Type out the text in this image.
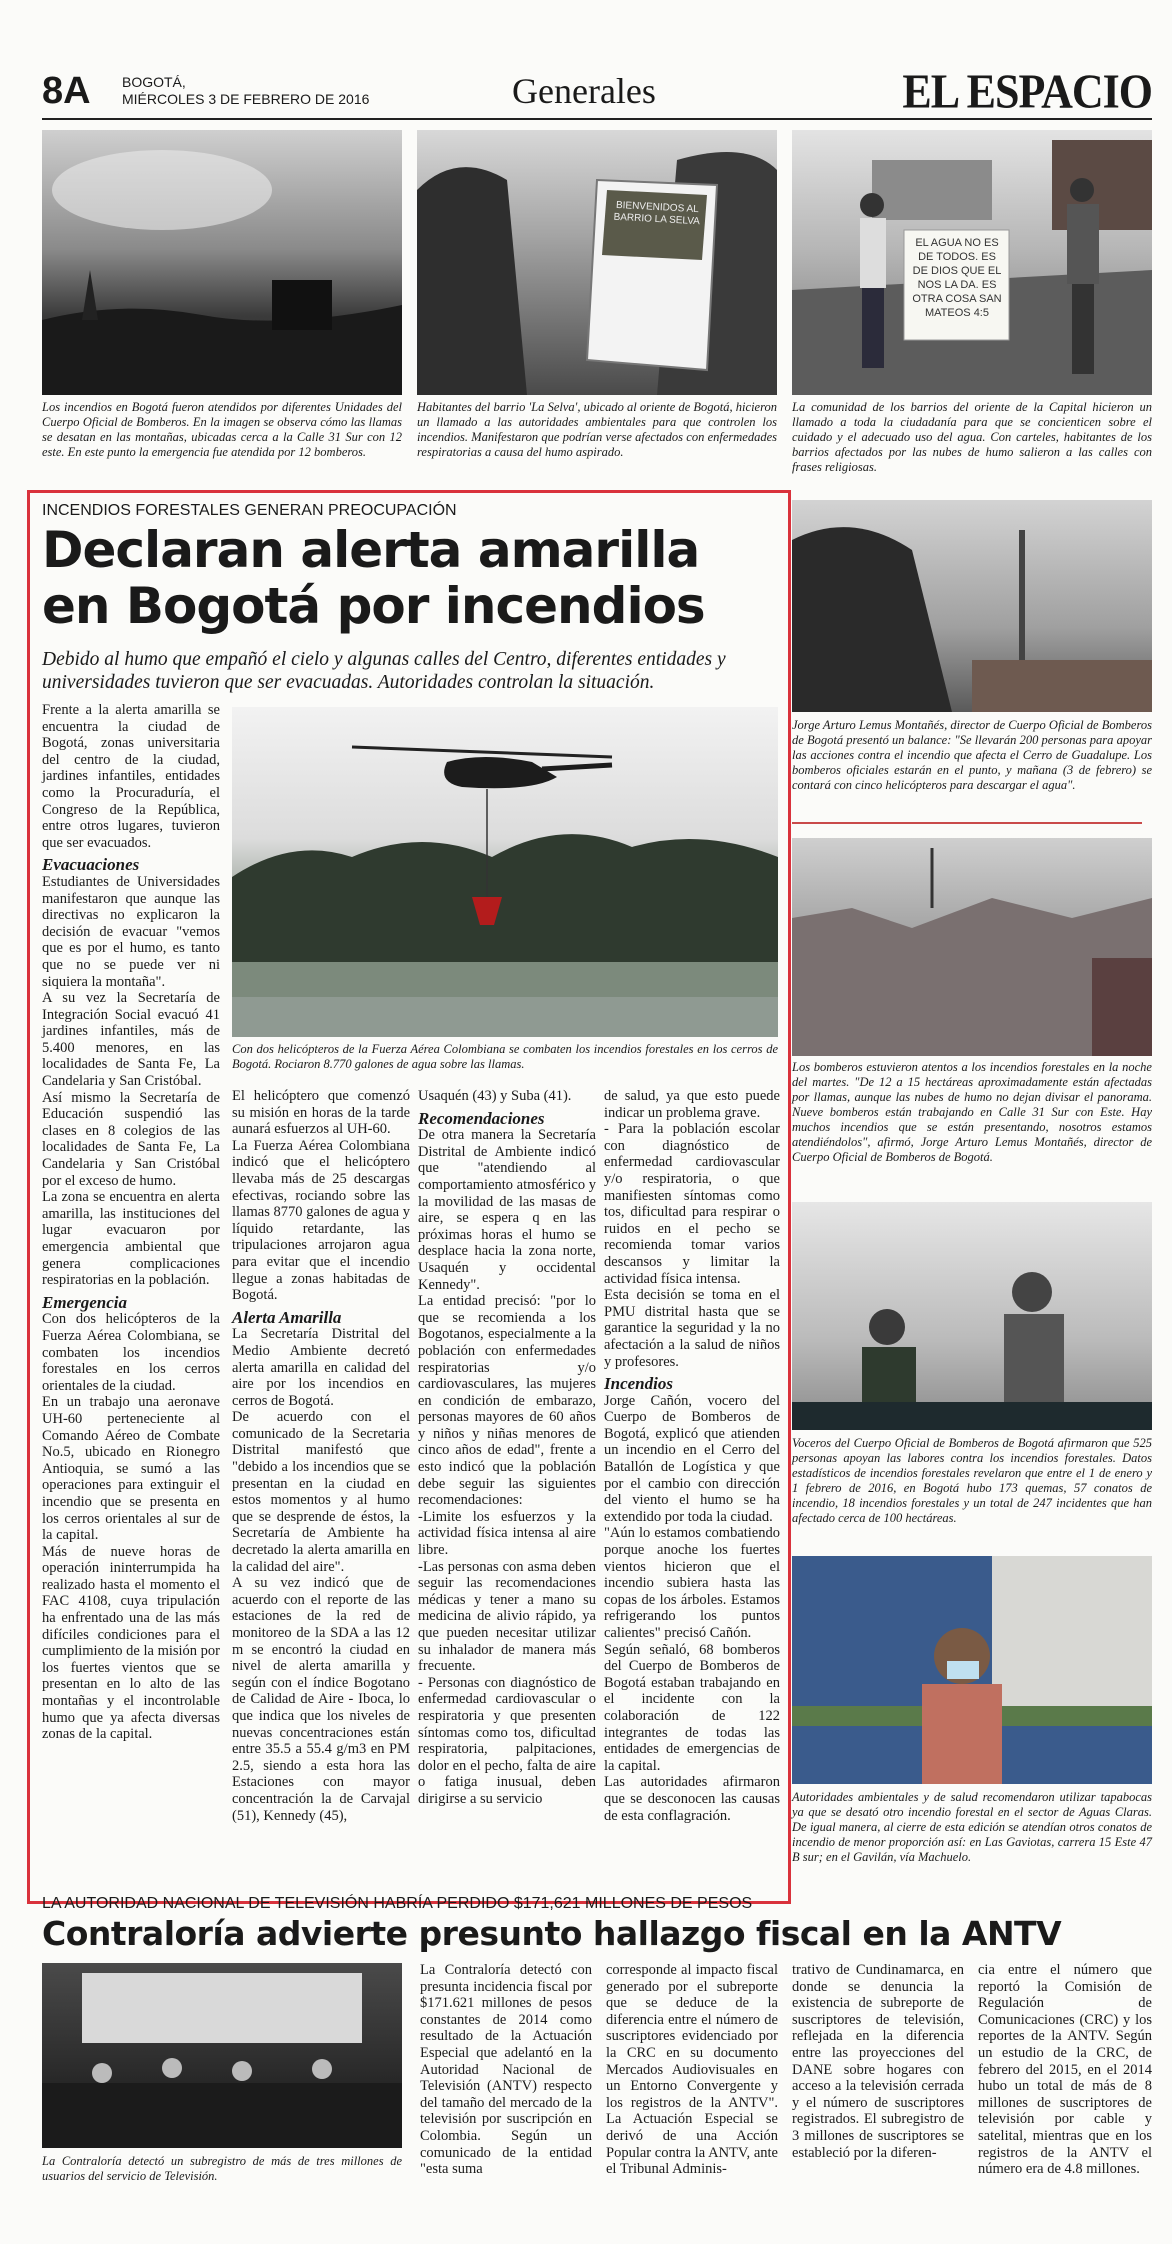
8A BOGOTÁ,
MIÉRCOLES 3 DE FEBRERO DE 2016	Generales	EL ESPACIO
Los incendios en Bogotá fueron atendidos por diferentes Unidades del Cuerpo Oficial de Bomberos. En la imagen se observa cómo las llamas se desatan en las montañas, ubicadas cerca a la Calle 31 Sur con 12 este. En este punto la emergencia fue atendida por 12 bomberos.
BIENVENIDOS AL BARRIO LA SELVA
Habitantes del barrio 'La Selva', ubicado al oriente de Bogotá, hicieron un llamado a las autoridades ambientales para que controlen los incendios. Manifestaron que podrían verse afectados con enfermedades respiratorias a causa del humo aspirado.
EL AGUA NO ES DE TODOS. ES DE DIOS QUE EL NOS LA DA. ES OTRA COSA SAN MATEOS 4:5
La comunidad de los barrios del oriente de la Capital hicieron un llamado a toda la ciudadanía para que se concienticen sobre el cuidado y el adecuado uso del agua. Con carteles, habitantes de los barrios afectados por las nubes de humo salieron a las calles con frases religiosas.
INCENDIOS FORESTALES GENERAN PREOCUPACIÓN
Declaran alerta amarilla
en Bogotá por incendios
Debido al humo que empañó el cielo y algunas calles del Centro, diferentes entidades y universidades tuvieron que ser evacuadas. Autoridades controlan la situación.
Con dos helicópteros de la Fuerza Aérea Colombiana se combaten los incendios forestales en los cerros de Bogotá. Rociaron 8.770 galones de agua sobre las llamas.

Frente a la alerta amarilla se encuentra la ciudad de Bogotá, zonas universitaria del centro de la ciudad, jardines infantiles, entidades como la Procuraduría, el Congreso de la República, entre otros lugares, tuvieron que ser evacuados.

Evacuaciones

Estudiantes de Universidades manifestaron que aunque las directivas no explicaron la decisión de evacuar "vemos que es por el humo, es tanto que no se puede ver ni siquiera la montaña".

A su vez la Secretaría de Integración Social evacuó 41 jardines infantiles, más de 5.400 menores, en las localidades de Santa Fe, La Candelaria y San Cristóbal.

Así mismo la Secretaría de Educación suspendió las clases en 8 colegios de las localidades de Santa Fe, La Candelaria y San Cristóbal por el exceso de humo.

La zona se encuentra en alerta amarilla, las instituciones del lugar evacuaron por emergencia ambiental que genera complicaciones respiratorias en la población.

Emergencia

Con dos helicópteros de la Fuerza Aérea Colombiana, se combaten los incendios forestales en los cerros orientales de la ciudad.

En un trabajo una aeronave UH-60 perteneciente al Comando Aéreo de Combate No.5, ubicado en Rionegro Antioquia, se sumó a las operaciones para extinguir el incendio que se presenta en los cerros orientales al sur de la capital.

Más de nueve horas de operación ininterrumpida ha realizado hasta el momento el FAC 4108, cuya tripulación ha enfrentado una de las más difíciles condiciones para el cumplimiento de la misión por los fuertes vientos que se presentan en lo alto de las montañas y el incontrolable humo que ya afecta diversas zonas de la capital.

El helicóptero que comenzó su misión en horas de la tarde aunará esfuerzos al UH-60.

La Fuerza Aérea Colombiana indicó que el helicóptero llevaba más de 25 descargas efectivas, rociando sobre las llamas 8770 galones de agua y líquido retardante, las tripulaciones arrojaron agua para evitar que el incendio llegue a zonas habitadas de Bogotá.

Alerta Amarilla

La Secretaría Distrital del Medio Ambiente decretó alerta amarilla en calidad del aire por los incendios en cerros de Bogotá.

De acuerdo con el comunicado de la Secretaria Distrital manifestó que "debido a los incendios que se presentan en la ciudad en estos momentos y al humo que se desprende de éstos, la Secretaría de Ambiente ha decretado la alerta amarilla en la calidad del aire".

A su vez indicó que de acuerdo con el reporte de las estaciones de la red de monitoreo de la SDA a las 12 m se encontró la ciudad en nivel de alerta amarilla y según con el índice Bogotano de Calidad de Aire - Iboca, lo que indica que los niveles de nuevas concentraciones están entre 35.5 a 55.4 g/m3 en PM 2.5, siendo a esta hora las Estaciones con mayor concentración la de Carvajal (51), Kennedy (45),

Usaquén (43) y Suba (41).

Recomendaciones

De otra manera la Secretaría Distrital de Ambiente indicó que "atendiendo al comportamiento atmosférico y la movilidad de las masas de aire, se espera q en las próximas horas el humo se desplace hacia la zona norte, Usaquén y occidental Kennedy".

La entidad precisó: "por lo que se recomienda a los Bogotanos, especialmente a la población con enfermedades respiratorias y/o cardiovasculares, las mujeres en condición de embarazo, personas mayores de 60 años y niños y niñas menores de cinco años de edad", frente a esto indicó que la población debe seguir las siguientes recomendaciones:

-Limite los esfuerzos y la actividad física intensa al aire libre.

-Las personas con asma deben seguir las recomendaciones médicas y tener a mano su medicina de alivio rápido, ya que pueden necesitar utilizar su inhalador de manera más frecuente.

- Personas con diagnóstico de enfermedad cardiovascular o respiratoria y que presenten síntomas como tos, dificultad respiratoria, palpitaciones, dolor en el pecho, falta de aire o fatiga inusual, deben dirigirse a su servicio

de salud, ya que esto puede indicar un problema grave.

- Para la población escolar con diagnóstico de enfermedad cardiovascular y/o respiratoria, o que manifiesten síntomas como tos, dificultad para respirar o ruidos en el pecho se recomienda tomar varios descansos y limitar la actividad física intensa.

Esta decisión se toma en el PMU distrital hasta que se garantice la seguridad y la no afectación a la salud de niños y profesores.

Incendios

Jorge Cañón, vocero del Cuerpo de Bomberos de Bogotá, explicó que atienden un incendio en el Cerro del Batallón de Logística y que por el cambio con dirección del viento el humo se ha extendido por toda la ciudad.

"Aún lo estamos combatiendo porque anoche los fuertes vientos hicieron que el incendio subiera hasta las copas de los árboles. Estamos refrigerando los puntos calientes" precisó Cañón.

Según señaló, 68 bomberos del Cuerpo de Bomberos de Bogotá estaban trabajando en el incidente con la colaboración de 122 integrantes de todas las entidades de emergencias de la capital.

Las autoridades afirmaron que se desconocen las causas de esta conflagración.

Jorge Arturo Lemus Montañés, director de Cuerpo Oficial de Bomberos de Bogotá presentó un balance: "Se llevarán 200 personas para apoyar las acciones contra el incendio que afecta el Cerro de Guadalupe. Los bomberos oficiales estarán en el punto, y mañana (3 de febrero) se contará con cinco helicópteros para descargar el agua".
Los bomberos estuvieron atentos a los incendios forestales en la noche del martes. "De 12 a 15 hectáreas aproximadamente están afectadas por llamas, aunque las nubes de humo no dejan divisar el panorama. Nueve bomberos están trabajando en Calle 31 Sur con Este. Hay muchos incendios que se están presentando, nosotros estamos atendiéndolos", afirmó, Jorge Arturo Lemus Montañés, director de Cuerpo Oficial de Bomberos de Bogotá.
Voceros del Cuerpo Oficial de Bomberos de Bogotá afirmaron que 525 personas apoyan las labores contra los incendios forestales. Datos estadísticos de incendios forestales revelaron que entre el 1 de enero y 1 febrero de 2016, en Bogotá hubo 173 quemas, 57 conatos de incendio, 18 incendios forestales y un total de 247 incidentes que han afectado cerca de 100 hectáreas.
Autoridades ambientales y de salud recomendaron utilizar tapabocas ya que se desató otro incendio forestal en el sector de Aguas Claras. De igual manera, al cierre de esta edición se atendían otros conatos de incendio de menor proporción así: en Las Gaviotas, carrera 15 Este 47 B sur; en el Gavilán, vía Machuelo.
LA AUTORIDAD NACIONAL DE TELEVISIÓN HABRÍA PERDIDO $171,621 MILLONES DE PESOS
Contraloría advierte presunto hallazgo fiscal en la ANTV
La Contraloría detectó un subregistro de más de tres millones de usuarios del servicio de Televisión.
La Contraloría detectó con presunta incidencia fiscal por $171.621 millones de pesos constantes de 2014 como resultado de la Actuación Especial que adelantó en la Autoridad Nacional de Televisión (ANTV) respecto del tamaño del mercado de la televisión por suscripción en Colombia. Según un comunicado de la entidad "esta suma
corresponde al impacto fiscal generado por el subreporte que se deduce de la diferencia entre el número de suscriptores evidenciado por la CRC en su documento Mercados Audiovisuales en un Entorno Convergente y los registros de la ANTV". La Actuación Especial se derivó de una Acción Popular contra la ANTV, ante el Tribunal Adminis-
trativo de Cundinamarca, en donde se denuncia la existencia de subreporte de suscriptores de televisión, reflejada en la diferencia entre las proyecciones del DANE sobre hogares con acceso a la televisión cerrada y el número de suscriptores registrados. El subregistro de 3 millones de suscriptores se estableció por la diferen-
cia entre el número que reportó la Comisión de Regulación de Comunicaciones (CRC) y los reportes de la ANTV. Según un estudio de la CRC, de febrero del 2015, en el 2014 hubo un total de más de 8 millones de suscriptores de televisión por cable y satelital, mientras que en los registros de la ANTV el número era de 4.8 millones.
